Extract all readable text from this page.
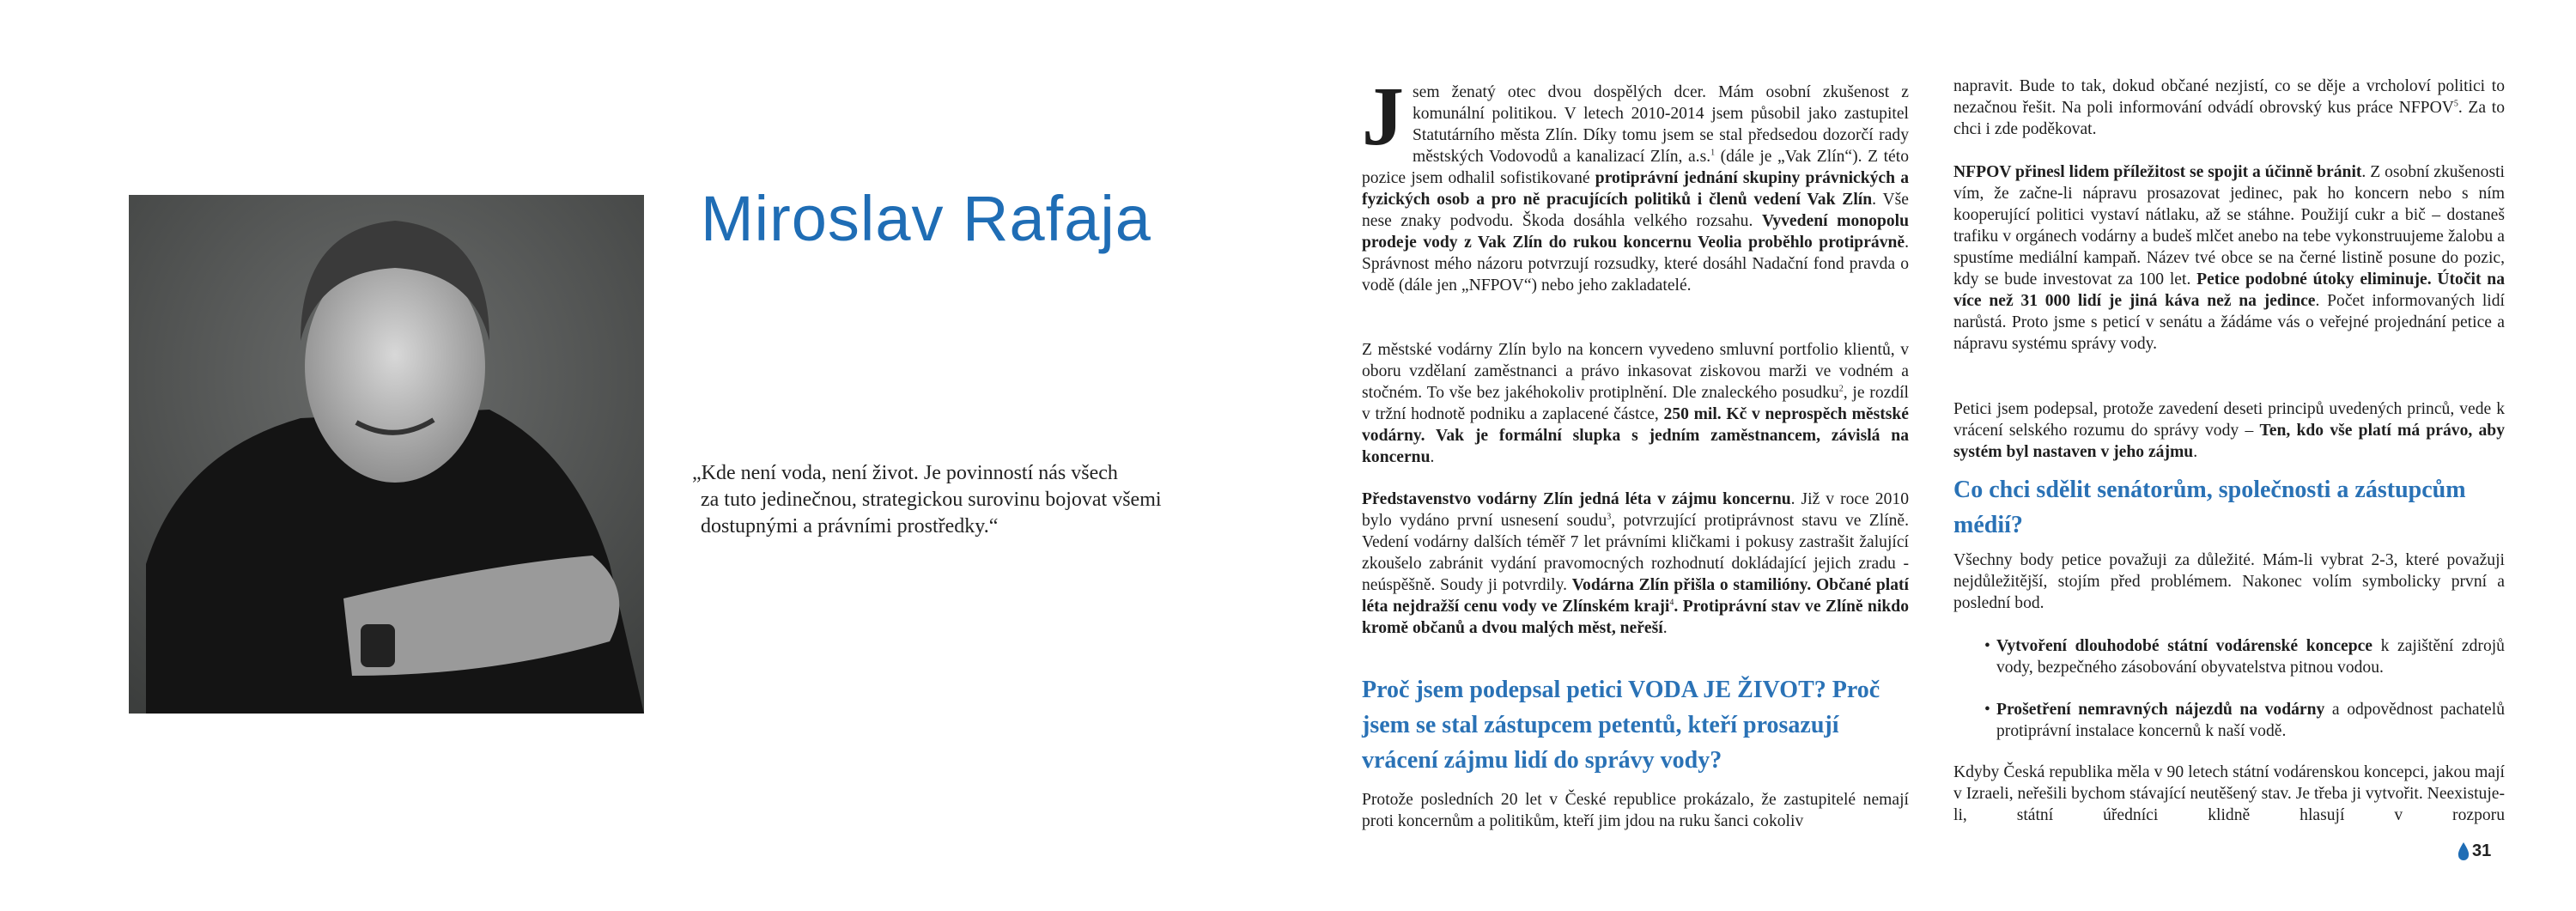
Miroslav Rafaja
„Kde není voda, není život. Je povinností nás všech
za tuto jedinečnou, strategickou surovinu bojovat všemi dostupnými a právními prostředky.“

Jsem ženatý otec dvou dospělých dcer. Mám osobní zkušenost z komunální politikou. V letech 2010-2014 jsem působil jako zastupitel Statutárního města Zlín. Díky tomu jsem se stal předsedou dozorčí rady městských Vodovodů a kanalizací Zlín, a.s.$^1$ (dále je „Vak Zlín“). Z této pozice jsem odhalil sofistikované protiprávní jednání skupiny právnických a fyzických osob a pro ně pracujících politiků i členů vedení Vak Zlín. Vše nese znaky podvodu. Škoda dosáhla velkého rozsahu. Vyvedení monopolu prodeje vody z Vak Zlín do rukou koncernu Veolia proběhlo protiprávně. Správnost mého názoru potvrzují rozsudky, které dosáhl Nadační fond pravda o vodě (dále jen „NFPOV“) nebo jeho zakladatelé.

Z městské vodárny Zlín bylo na koncern vyvedeno smluvní portfolio klientů, v oboru vzdělaní zaměstnanci a právo inkasovat ziskovou marži ve vodném a stočném. To vše bez jakéhokoliv protiplnění. Dle znaleckého posudku$^2$, je rozdíl v tržní hodnotě podniku a zaplacené částce, 250 mil. Kč v neprospěch městské vodárny. Vak je formální slupka s jedním zaměstnancem, závislá na koncernu.

Představenstvo vodárny Zlín jedná léta v zájmu koncernu. Již v roce 2010 bylo vydáno první usnesení soudu$^3$, potvrzující protiprávnost stavu ve Zlíně. Vedení vodárny dalších téměř 7 let právními kličkami i pokusy zastrašit žalující zkoušelo zabránit vydání pravomocných rozhodnutí dokládající jejich zradu - neúspěšně. Soudy ji potvrdily. Vodárna Zlín přišla o stamilióny. Občané platí léta nejdražší cenu vody ve Zlínském kraji$^4$. Protiprávní stav ve Zlíně nikdo kromě občanů a dvou malých měst, neřeší.

Proč jsem podepsal petici VODA JE ŽIVOT? Proč jsem se stal zástupcem petentů, kteří prosazují vrácení zájmu lidí do správy vody?

Protože posledních 20 let v České republice prokázalo, že zastupitelé nemají proti koncernům a politikům, kteří jim jdou na ruku šanci cokoliv

napravit. Bude to tak, dokud občané nezjistí, co se děje a vrcholoví politici to nezačnou řešit. Na poli informování odvádí obrovský kus práce NFPOV$^5$. Za to chci i zde poděkovat.

NFPOV přinesl lidem příležitost se spojit a účinně bránit. Z osobní zkušenosti vím, že začne-li nápravu prosazovat jedinec, pak ho koncern nebo s ním kooperující politici vystaví nátlaku, až se stáhne. Použijí cukr a bič – dostaneš trafiku v orgánech vodárny a budeš mlčet anebo na tebe vykonstruujeme žalobu a spustíme mediální kampaň. Název tvé obce se na černé listině posune do pozic, kdy se bude investovat za 100 let. Petice podobné útoky eliminuje. Útočit na více než 31 000 lidí je jiná káva než na jedince. Počet informovaných lidí narůstá. Proto jsme s peticí v senátu a žádáme vás o veřejné projednání petice a nápravu systému správy vody.

Petici jsem podepsal, protože zavedení deseti principů uvedených princů, vede k vrácení selského rozumu do správy vody – Ten, kdo vše platí má právo, aby systém byl nastaven v jeho zájmu.

Co chci sdělit senátorům, společnosti a zástupcům médií?

Všechny body petice považuji za důležité. Mám-li vybrat 2-3, které považuji nejdůležitější, stojím před problémem. Nakonec volím symbolicky první a poslední bod.

• Vytvoření dlouhodobé státní vodárenské koncepce k zajištění zdrojů vody, bezpečného zásobování obyvatelstva pitnou vodou.

• Prošetření nemravných nájezdů na vodárny a odpovědnost pachatelů protiprávní instalace koncernů k naší vodě.

Kdyby Česká republika měla v 90 letech státní vodárenskou koncepci, jakou mají v Izraeli, neřešili bychom stávající neutěšený stav. Je třeba ji vytvořit. Neexistuje-li, státní úředníci klidně hlasují v rozporu

31
